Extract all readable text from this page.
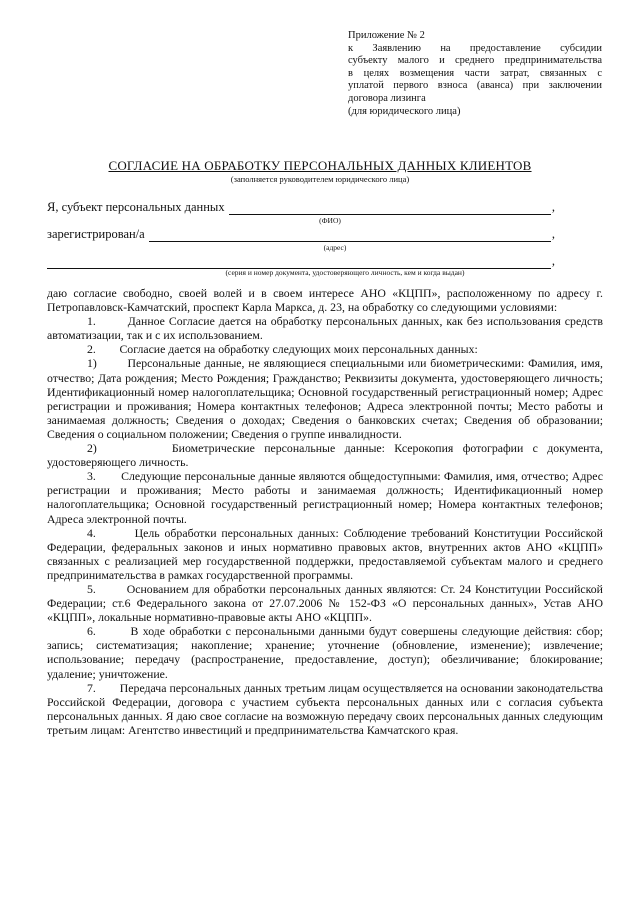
Приложение № 2
к Заявлению на предоставление субсидии
субъекту малого и среднего предпринимательства
в целях возмещения части затрат, связанных с
уплатой первого взноса (аванса) при заключении
договора лизинга
(для юридического лица)
СОГЛАСИЕ НА ОБРАБОТКУ ПЕРСОНАЛЬНЫХ ДАННЫХ КЛИЕНТОВ
(заполняется руководителем юридического лица)
Я, субъект персональных данных	,
(ФИО)
зарегистрирован/а	,
(адрес)
,
(серия и номер документа, удостоверяющего личность, кем и когда выдан)

даю согласие свободно, своей волей и в своем интересе АНО «КЦПП», расположенному по адресу г. Петропавловск-Камчатский, проспект Карла Маркса, д. 23, на обработку со следующими условиями:

1.        Данное Согласие дается на обработку персональных данных, как без использования средств автоматизации, так и с их использованием.

2.        Согласие дается на обработку следующих моих персональных данных:

1)        Персональные данные, не являющиеся специальными или биометрическими: Фамилия, имя, отчество; Дата рождения; Место Рождения; Гражданство; Реквизиты документа, удостоверяющего личность; Идентификационный номер налогоплательщика; Основной государственный регистрационный номер; Адрес регистрации и проживания; Номера контактных телефонов; Адреса электронной почты; Место работы и занимаемая должность; Сведения о доходах; Сведения о банковских счетах; Сведения об образовании; Сведения о социальном положении; Сведения о группе инвалидности.

2)        Биометрические персональные данные: Ксерокопия фотографии с документа, удостоверяющего личность.

3.        Следующие персональные данные являются общедоступными: Фамилия, имя, отчество; Адрес регистрации и проживания; Место работы и занимаемая должность; Идентификационный номер налогоплательщика; Основной государственный регистрационный номер; Номера контактных телефонов; Адреса электронной почты.

4.        Цель обработки персональных данных: Соблюдение требований Конституции Российской Федерации, федеральных законов и иных нормативно правовых актов, внутренних актов АНО «КЦПП» связанных с реализацией мер государственной поддержки, предоставляемой субъектам малого и среднего предпринимательства в рамках государственной программы.

5.        Основанием для обработки персональных данных являются: Ст. 24 Конституции Российской Федерации; ст.6 Федерального закона от 27.07.2006 № 152-ФЗ «О персональных данных», Устав АНО «КЦПП», локальные нормативно-правовые акты АНО «КЦПП».

6.        В ходе обработки с персональными данными будут совершены следующие действия: сбор; запись; систематизация; накопление; хранение; уточнение (обновление, изменение); извлечение; использование; передачу (распространение, предоставление, доступ); обезличивание; блокирование; удаление; уничтожение.

7.        Передача персональных данных третьим лицам осуществляется на основании законодательства Российской Федерации, договора с участием субъекта персональных данных или с согласия субъекта персональных данных. Я даю свое согласие на возможную передачу своих персональных данных следующим третьим лицам: Агентство инвестиций и предпринимательства Камчатского края.
